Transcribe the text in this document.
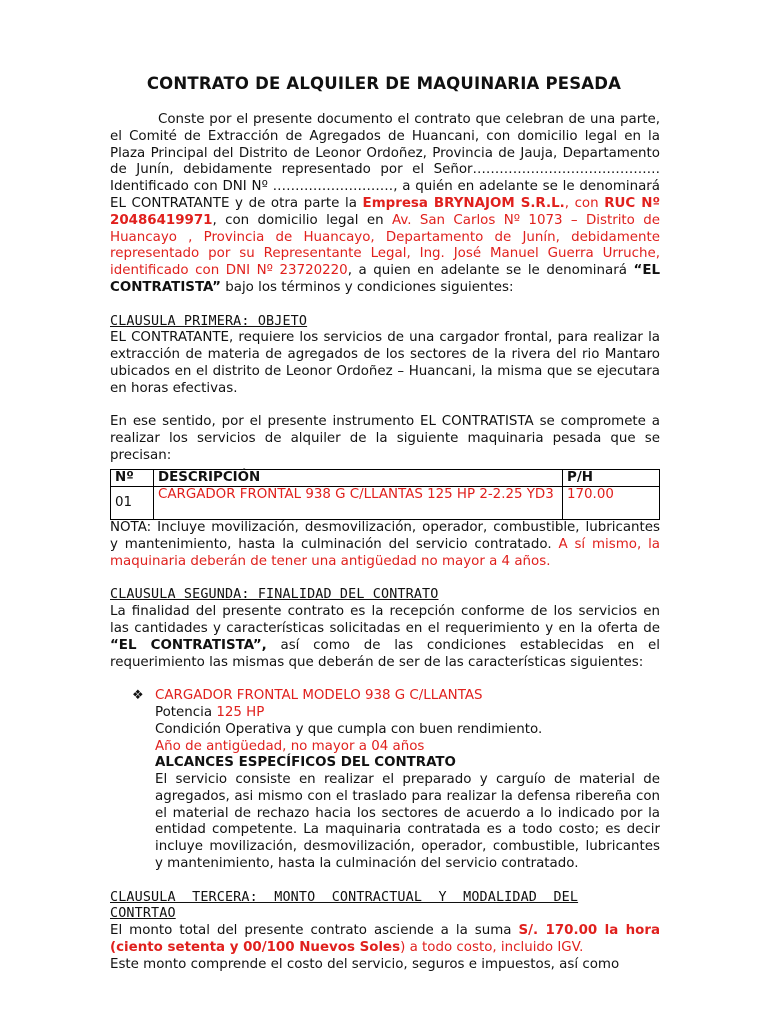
CONTRATO DE ALQUILER DE MAQUINARIA PESADA

Conste por el presente documento el contrato que celebran de una parte, el Comité de Extracción de Agregados de Huancani, con domicilio legal en la Plaza Principal del Distrito de Leonor Ordoñez, Provincia de Jauja, Departamento de Junín, debidamente representado por el Señor…………………………………… Identificado con DNI Nº ………………………, a quién en adelante se le denominará EL CONTRATANTE y de otra parte la Empresa BRYNAJOM S.R.L., con RUC Nº 20486419971, con domicilio legal en Av. San Carlos Nº 1073 – Distrito de Huancayo , Provincia de Huancayo, Departamento de Junín, debidamente representado por su Representante Legal, Ing. José Manuel Guerra Urruche, identificado con DNI Nº 23720220, a quien en adelante se le denominará “EL CONTRATISTA” bajo los términos y condiciones siguientes:

CLAUSULA PRIMERA: OBJETO

EL CONTRATANTE, requiere los servicios de una cargador frontal, para realizar la extracción de materia de agregados de los sectores de la rivera del rio Mantaro ubicados en el distrito de Leonor Ordoñez – Huancani, la misma que se ejecutara en horas efectivas.

En ese sentido, por el presente instrumento EL CONTRATISTA se compromete a realizar los servicios de alquiler de la siguiente maquinaria pesada que se precisan:

Nº	DESCRIPCIÓN	P/H
01	CARGADOR FRONTAL 938 G C/LLANTAS 125 HP 2-2.25 YD3	170.00

NOTA: Incluye movilización, desmovilización, operador, combustible, lubricantes y mantenimiento, hasta la culminación del servicio contratado. A sí mismo, la maquinaria deberán de tener una antigüedad no mayor a 4 años.

CLAUSULA SEGUNDA: FINALIDAD DEL CONTRATO

La finalidad del presente contrato es la recepción conforme de los servicios en las cantidades y características solicitadas en el requerimiento y en la oferta de “EL CONTRATISTA”, así como de las condiciones establecidas en el requerimiento las mismas que deberán de ser de las características siguientes:

❖ CARGADOR FRONTAL MODELO 938 G C/LLANTAS
Potencia 125 HP
Condición Operativa y que cumpla con buen rendimiento.
Año de antigüedad, no mayor a 04 años
ALCANCES ESPECÍFICOS DEL CONTRATO

El servicio consiste en realizar el preparado y carguío de material de agregados, asi mismo con el traslado para realizar la defensa ribereña con el material de rechazo hacia los sectores de acuerdo a lo indicado por la entidad competente. La maquinaria contratada es a todo costo; es decir incluye movilización, desmovilización, operador, combustible, lubricantes y mantenimiento, hasta la culminación del servicio contratado.

CLAUSULA  TERCERA:  MONTO  CONTRACTUAL  Y  MODALIDAD  DEL
CONTRTAO

El monto total del presente contrato asciende a la suma S/. 170.00 la hora (ciento setenta y 00/100 Nuevos Soles) a todo costo, incluido IGV.

Este monto comprende el costo del servicio, seguros e impuestos, así como
